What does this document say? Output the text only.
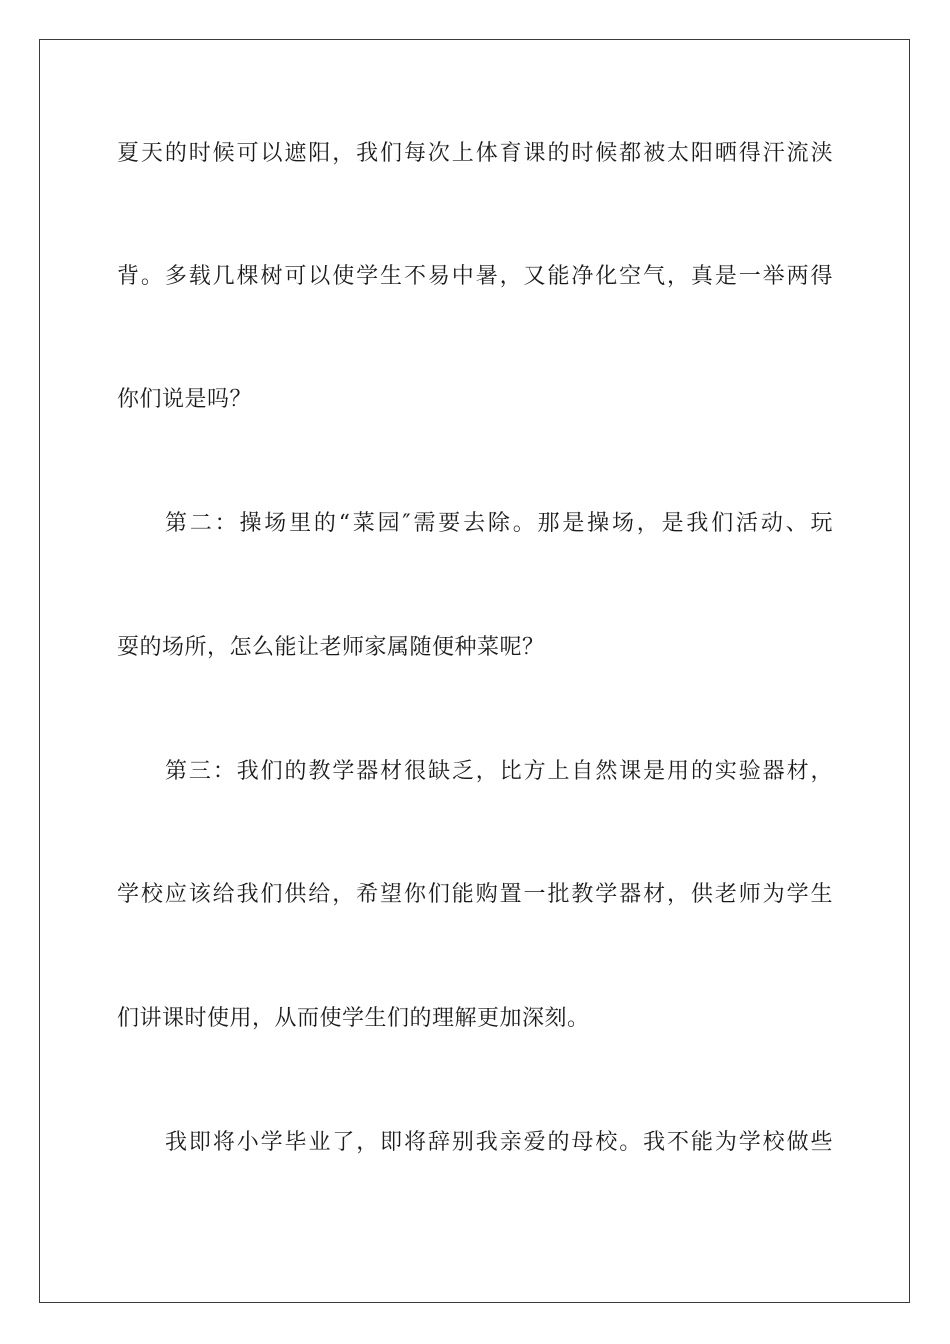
夏天的时候可以遮阳，我们每次上体育课的时候都被太阳晒得汗流浃
背。多载几棵树可以使学生不易中暑，又能净化空气，真是一举两得
你们说是吗？
第二：操场里的“菜园″需要去除。那是操场，是我们活动、玩
耍的场所，怎么能让老师家属随便种菜呢？
第三：我们的教学器材很缺乏，比方上自然课是用的实验器材，
学校应该给我们供给，希望你们能购置一批教学器材，供老师为学生
们讲课时使用，从而使学生们的理解更加深刻。
我即将小学毕业了，即将辞别我亲爱的母校。我不能为学校做些
